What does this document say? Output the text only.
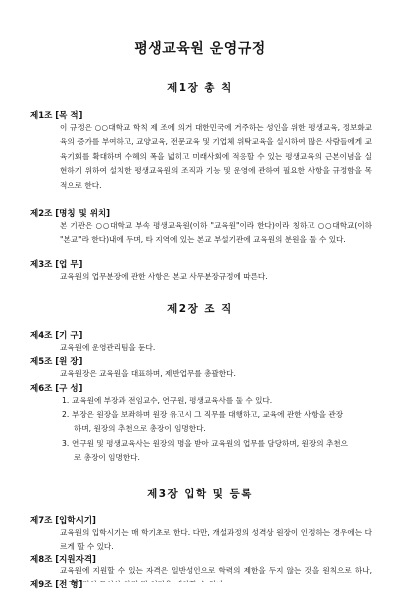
평생교육원 운영규정
제1장 총 칙
제1조 [목 적]
이 규정은 ○○대학교 학칙 제 조에 의거 대한민국에 거주하는 성인을 위한 평생교육, 정보화교육의 증가를 부여하고, 교양교육, 전문교육 및 기업체 위탁교육을 실시하여 많은 사람들에게 교육기회를 확대하며 수혜의 폭을 넓히고 미래사회에 적응할 수 있는 평생교육의 근본이념을 실현하기 위하여 설치한 평생교육원의 조직과 기능 및 운영에 관하여 필요한 사항을 규정함을 목적으로 한다.
제2조 [명칭 및 위치]
본 기관은 ○○대학교 부속 평생교육원(이하 "교육원"이라 한다)이라 칭하고 ○○대학교(이하 "본교"라 한다)내에 두며, 타 지역에 있는 본교 부설기관에 교육원의 분원을 둘 수 있다.
제3조 [업 무]
교육원의 업무분장에 관한 사항은 본교 사무분장규정에 따른다.
제2장 조 직
제4조 [기 구]
교육원에 운영관리팀을 둔다.
제5조 [원 장]
교육원장은 교육원을 대표하며, 제반업무를 총괄한다.
제6조 [구 성]
1. 교육원에 부장과 전임교수, 연구원, 평생교육사를 둘 수 있다.
2. 부장은 원장을 보좌하며 원장 유고시 그 직무를 대행하고, 교육에 관한 사항을 관장
하며, 원장의 추천으로 총장이 임명한다.
3. 연구원 및 평생교육사는 원장의 명을 받아 교육원의 업무를 담당하며, 원장의 추천으
로 총장이 임명한다.
제3장 입학 및 등록
제7조 [입학시기]
교육원의 입학시기는 매 학기초로 한다. 다만, 개설과정의 성격상 원장이 인정하는 경우에는 다르게 할 수 있다.
제8조 [지원자격]
교육원에 지원할 수 있는 자격은 일반성인으로 학력의 제한을 두지 않는 것을 원칙으로 하나,
제9조 [전 형]
